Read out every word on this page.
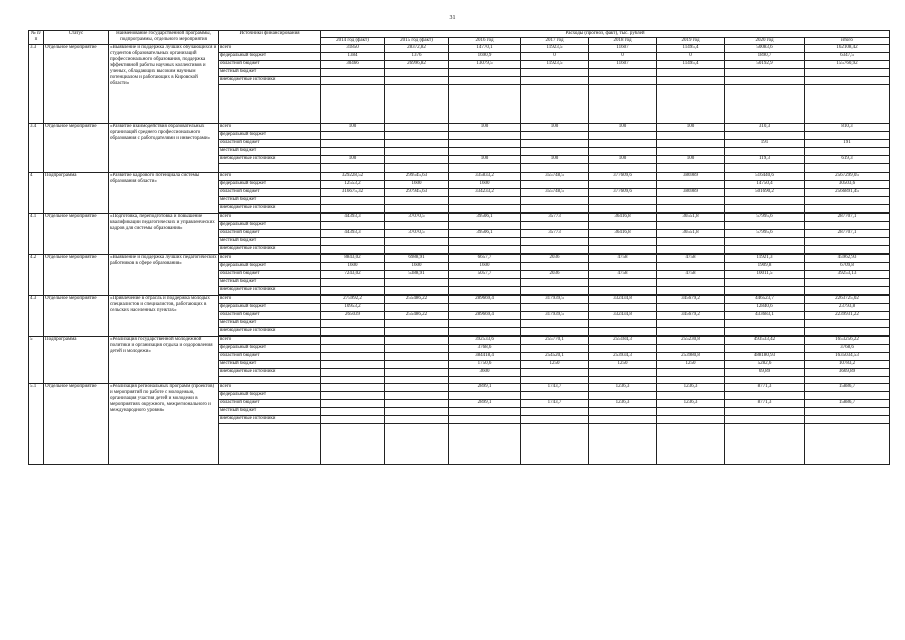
31
№ п/п	Статус	Наименование государственной программы, подпрограммы, отдельного мероприятия	Источники финансирования	Расходы (прогноз, факт), тыс. рублей							
				2014 год (факт)	2015 год (факт)	2016 год	2017 год	2018 год	2019 год	2020 год	итого
3.3	Отдельное мероприятие	«Выявление и поддержка лучших обучающихся и студентов образовательных организаций профессионального образования, поддержка эффективной работы научных коллективов и ученых, обладающих высоким научным потенциалом и работающих в Кировской области»	всего	31850	28372,82	14770,1	11923,5	11607	11495,4	50083,6	162108,42
			федеральный бюджет	1384	1376	1690,9	0	0	0	1890,7	6347,5
			областной бюджет	30466	26996,82	13079,5	11923,5	11607	11495,4	50192,9	155760,92
			местный бюджет								
			внебюджетные источники								

3.4	Отдельное мероприятие	«Развитие взаимодействия образовательных организаций среднего профессионального образования с работодателями и инвесторами»	всего	100		100	100	100	100	310,3	810,3
			федеральный бюджет								
			областной бюджет							191	191
			местный бюджет								
			внебюджетные источники	100		100	100	100	100	119,3	619,3

4	Подпрограмма	«Развитие кадрового потенциала системы образования области»	всего	329228,52	299545,63	335833,2	355748,5	377609,6	386989	516440,6	2567299,05
			федеральный бюджет	12553,2	1600	1600				14750,4	30503,6
			областной бюджет	316675,32	297945,63	334233,2	355748,5	377609,6	386989	501690,2	2566891,45
			местный бюджет								
			внебюджетные источники								

4.1	Отдельное мероприятие	«Подготовка, переподготовка и повышение квалификации педагогических и управленческих кадров для системы образования»	всего	44393,3	37070,5	39506,1	35773	36416,8	36551,8	57995,6	287707,1
			федеральный бюджет								
			областной бюджет	44393,3	37070,5	39506,1	35773	36416,8	36551,8	57995,6	287707,1
			местный бюджет								
			внебюджетные источники								

4.2	Отдельное мероприятие	«Выявление и поддержка лучших педагогических работников в сфере образования»	всего	8843,02	6988,91	6657,7	2036	4758	4758	11921,3	45962,93
			федеральный бюджет	1600	1600	1600				1909,8	6709,8
			областной бюджет	7243,02	5388,91	5057,7	2036	4758	4758	10011,5	39253,13
			местный бюджет								
			внебюджетные источники								

4.3	Отдельное мероприятие	«Привлечение в отрасль и поддержка молодых специалистов и специалистов, работающих в сельских населенных пунктах»	всего	275992,2	255486,22	289669,4	317939,5	332434,8	345679,2	446523,7	2263725,02
			федеральный бюджет	10953,2						12840,6	23793,8
			областной бюджет	265039	255486,22	289669,4	317939,5	332434,8	345679,2	433683,1	2239931,22
			местный бюджет								
			внебюджетные источники								

5	Подпрограмма	«Реализация государственной молодежной политики и организация отдыха и оздоровления детей и молодежи»	всего			392533,6	255770,1	255184,3	255230,8	493533,42	1653256,22
			федеральный бюджет			3768,6					3768,6
			областной бюджет			384418,4	254520,1	253934,3	253980,8	488180,93	1635034,53
			местный бюджет			1750,6	1250	1250	1250	5282,6	10783,2
			внебюджетные источники			3600				69,89	3669,89

5.1	Отдельное мероприятие	«Реализация региональных программ (проектов) и мероприятий по работе с молодежью, организация участия детей и молодежи в мероприятиях окружного, межрегионального и международного уровня»	всего			2899,1	1743,7	1236,3	1236,3	8771,3	15886,7
			федеральный бюджет								
			областной бюджет			2899,1	1743,7	1236,3	1236,3	8771,3	15886,7
			местный бюджет								
			внебюджетные источники								
